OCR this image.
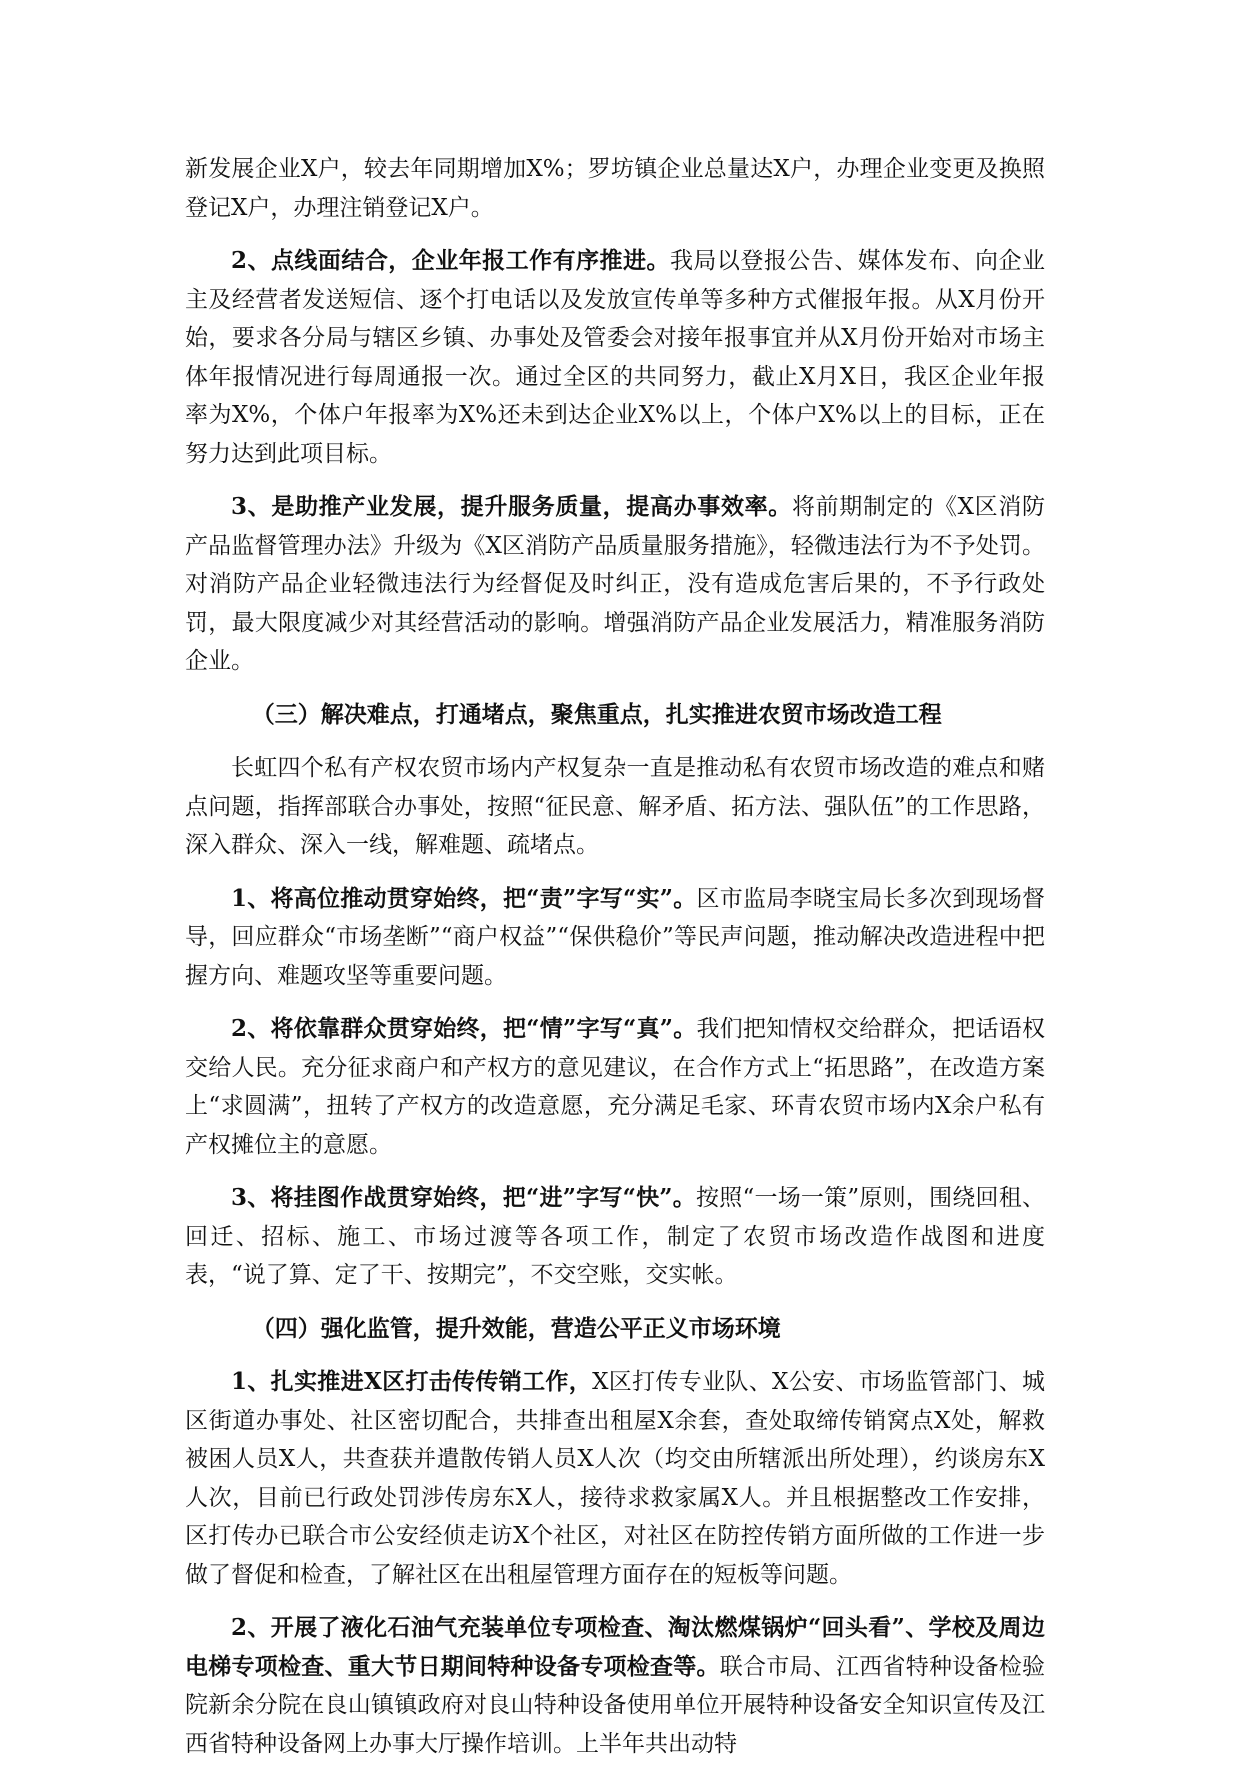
新发展企业X户，较去年同期增加X%；罗坊镇企业总量达X户，办理企业变更及换照登记X户，办理注销登记X户。

2、点线面结合，企业年报工作有序推进。我局以登报公告、媒体发布、向企业主及经营者发送短信、逐个打电话以及发放宣传单等多种方式催报年报。从X月份开始，要求各分局与辖区乡镇、办事处及管委会对接年报事宜并从X月份开始对市场主体年报情况进行每周通报一次。通过全区的共同努力，截止X月X日，我区企业年报率为X%，个体户年报率为X%还未到达企业X%以上，个体户X%以上的目标，正在努力达到此项目标。

3、是助推产业发展，提升服务质量，提高办事效率。将前期制定的《X区消防产品监督管理办法》升级为《X区消防产品质量服务措施》，轻微违法行为不予处罚。对消防产品企业轻微违法行为经督促及时纠正，没有造成危害后果的，不予行政处罚，最大限度减少对其经营活动的影响。增强消防产品企业发展活力，精准服务消防企业。

（三）解决难点，打通堵点，聚焦重点，扎实推进农贸市场改造工程

长虹四个私有产权农贸市场内产权复杂一直是推动私有农贸市场改造的难点和赌点问题，指挥部联合办事处，按照“征民意、解矛盾、拓方法、强队伍”的工作思路，深入群众、深入一线，解难题、疏堵点。

1、将高位推动贯穿始终，把“责”字写“实”。区市监局李晓宝局长多次到现场督导，回应群众“市场垄断”“商户权益”“保供稳价”等民声问题，推动解决改造进程中把握方向、难题攻坚等重要问题。

2、将依靠群众贯穿始终，把“情”字写“真”。我们把知情权交给群众，把话语权交给人民。充分征求商户和产权方的意见建议，在合作方式上“拓思路”，在改造方案上“求圆满”，扭转了产权方的改造意愿，充分满足毛家、环青农贸市场内X余户私有产权摊位主的意愿。

3、将挂图作战贯穿始终，把“进”字写“快”。按照“一场一策”原则，围绕回租、回迁、招标、施工、市场过渡等各项工作，制定了农贸市场改造作战图和进度表，“说了算、定了干、按期完”，不交空账，交实帐。

（四）强化监管，提升效能，营造公平正义市场环境

1、扎实推进X区打击传传销工作，X区打传专业队、X公安、市场监管部门、城区街道办事处、社区密切配合，共排查出租屋X余套，查处取缔传销窝点X处，解救被困人员X人，共查获并遣散传销人员X人次（均交由所辖派出所处理），约谈房东X人次，目前已行政处罚涉传房东X人，接待求救家属X人。并且根据整改工作安排，区打传办已联合市公安经侦走访X个社区，对社区在防控传销方面所做的工作进一步做了督促和检查，了解社区在出租屋管理方面存在的短板等问题。

2、开展了液化石油气充装单位专项检查、淘汰燃煤锅炉“回头看”、学校及周边电梯专项检查、重大节日期间特种设备专项检查等。联合市局、江西省特种设备检验院新余分院在良山镇镇政府对良山特种设备使用单位开展特种设备安全知识宣传及江西省特种设备网上办事大厅操作培训。上半年共出动特
